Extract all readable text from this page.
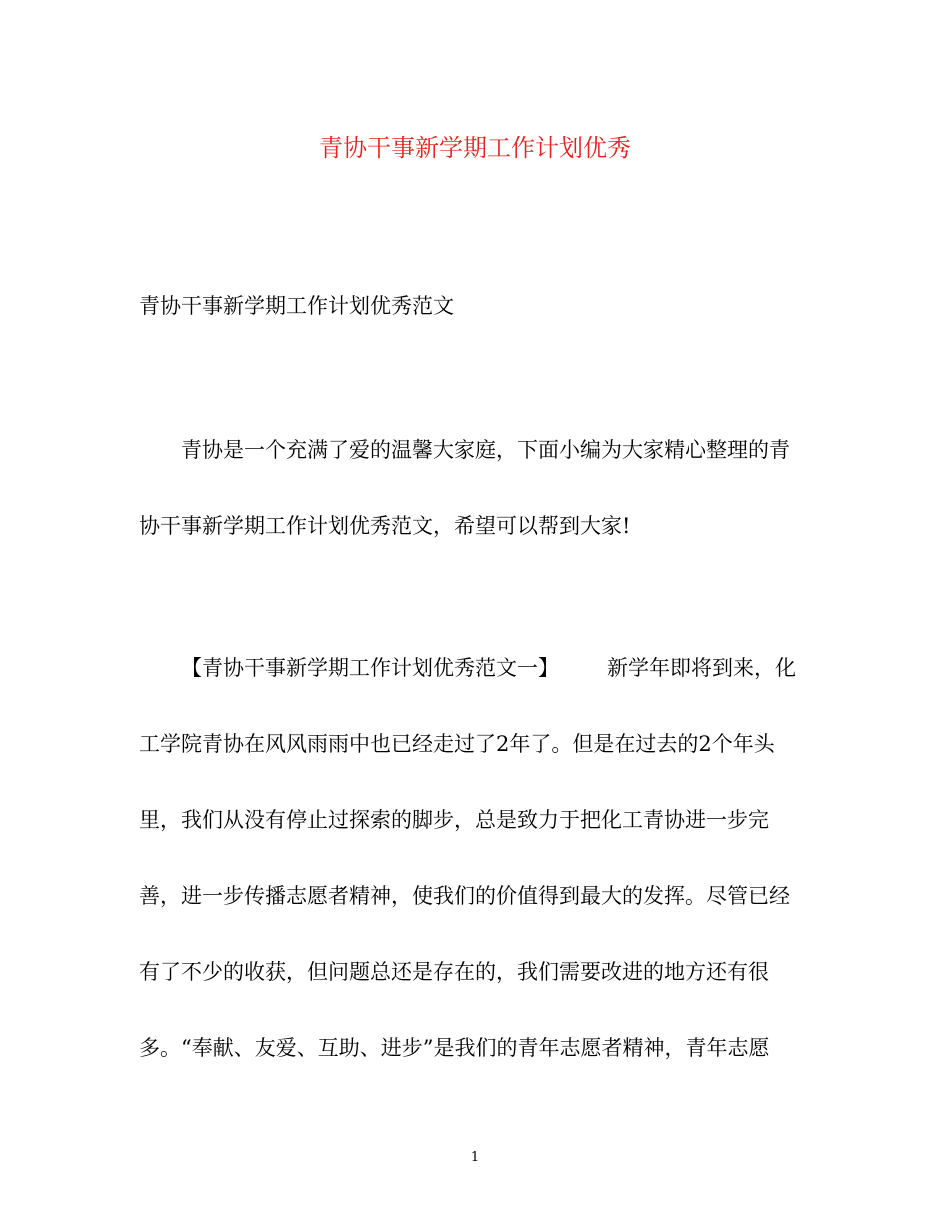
青协干事新学期工作计划优秀

青协干事新学期工作计划优秀范文

青协是一个充满了爱的温馨大家庭，下面小编为大家精心整理的青
协干事新学期工作计划优秀范文，希望可以帮到大家!
【青协干事新学期工作计划优秀范文一】 新学年即将到来，化
工学院青协在风风雨雨中也已经走过了2年了。但是在过去的2个年头
里，我们从没有停止过探索的脚步，总是致力于把化工青协进一步完
善，进一步传播志愿者精神，使我们的价值得到最大的发挥。尽管已经
有了不少的收获，但问题总还是存在的，我们需要改进的地方还有很
多。“奉献、友爱、互助、进步”是我们的青年志愿者精神，青年志愿
1
